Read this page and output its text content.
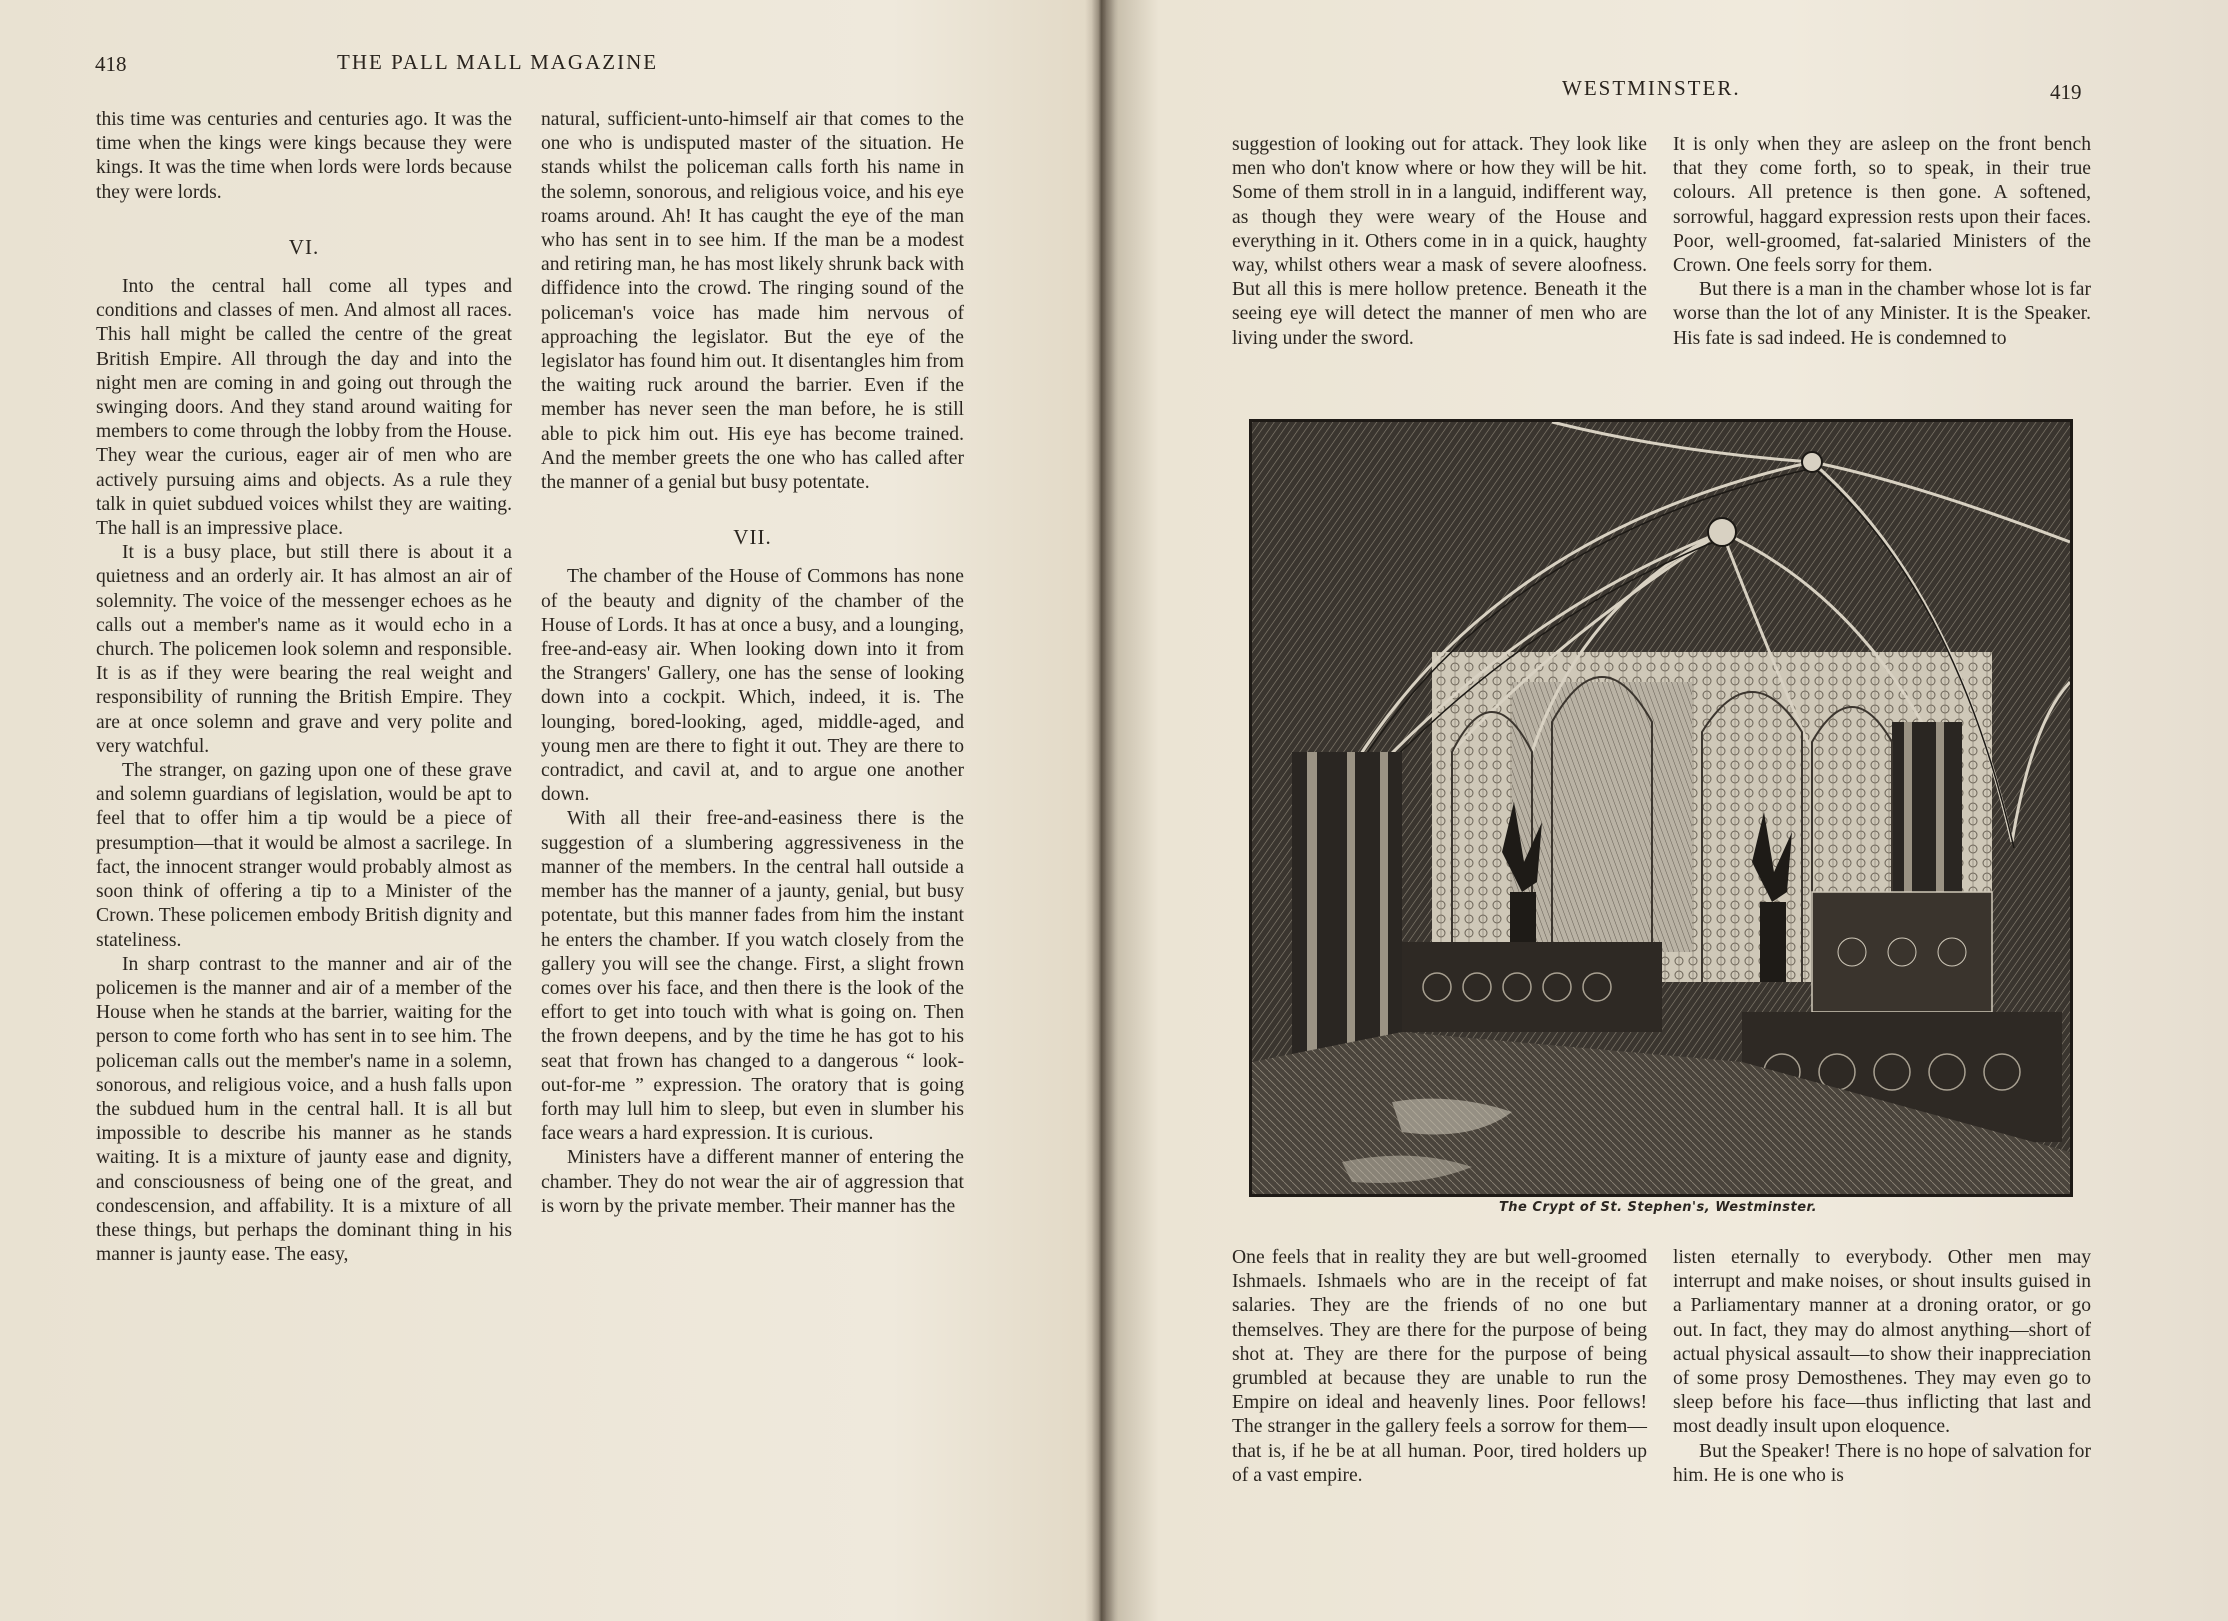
418	THE PALL MALL MAGAZINE

this time was centuries and centuries ago. It was the time when the kings were kings because they were kings. It was the time when lords were lords because they were lords.

VI.

Into the central hall come all types and conditions and classes of men. And almost all races. This hall might be called the centre of the great British Empire. All through the day and into the night men are coming in and going out through the swinging doors. And they stand around waiting for members to come through the lobby from the House. They wear the curious, eager air of men who are actively pursuing aims and objects. As a rule they talk in quiet subdued voices whilst they are waiting. The hall is an impressive place.

It is a busy place, but still there is about it a quietness and an orderly air. It has almost an air of solemnity. The voice of the messenger echoes as he calls out a member's name as it would echo in a church. The policemen look solemn and responsible. It is as if they were bearing the real weight and responsibility of running the British Empire. They are at once solemn and grave and very polite and very watchful.

The stranger, on gazing upon one of these grave and solemn guardians of legislation, would be apt to feel that to offer him a tip would be a piece of presumption—that it would be almost a sacrilege. In fact, the innocent stranger would probably almost as soon think of offering a tip to a Minister of the Crown. These policemen embody British dignity and stateliness.

In sharp contrast to the manner and air of the policemen is the manner and air of a member of the House when he stands at the barrier, waiting for the person to come forth who has sent in to see him. The policeman calls out the member's name in a solemn, sonorous, and religious voice, and a hush falls upon the subdued hum in the central hall. It is all but impossible to describe his manner as he stands waiting. It is a mixture of jaunty ease and dignity, and consciousness of being one of the great, and condescension, and affability. It is a mixture of all these things, but perhaps the dominant thing in his manner is jaunty ease. The easy,

natural, sufficient-unto-himself air that comes to the one who is undisputed master of the situation. He stands whilst the policeman calls forth his name in the solemn, sonorous, and religious voice, and his eye roams around. Ah! It has caught the eye of the man who has sent in to see him. If the man be a modest and retiring man, he has most likely shrunk back with diffidence into the crowd. The ringing sound of the policeman's voice has made him nervous of approaching the legislator. But the eye of the legislator has found him out. It disentangles him from the waiting ruck around the barrier. Even if the member has never seen the man before, he is still able to pick him out. His eye has become trained. And the member greets the one who has called after the manner of a genial but busy potentate.

VII.

The chamber of the House of Commons has none of the beauty and dignity of the chamber of the House of Lords. It has at once a busy, and a lounging, free-and-easy air. When looking down into it from the Strangers' Gallery, one has the sense of looking down into a cockpit. Which, indeed, it is. The lounging, bored-looking, aged, middle-aged, and young men are there to fight it out. They are there to contradict, and cavil at, and to argue one another down.

With all their free-and-easiness there is the suggestion of a slumbering aggressiveness in the manner of the members. In the central hall outside a member has the manner of a jaunty, genial, but busy potentate, but this manner fades from him the instant he enters the chamber. If you watch closely from the gallery you will see the change. First, a slight frown comes over his face, and then there is the look of the effort to get into touch with what is going on. Then the frown deepens, and by the time he has got to his seat that frown has changed to a dangerous “ look-out-for-me ” expression. The oratory that is going forth may lull him to sleep, but even in slumber his face wears a hard expression. It is curious.

Ministers have a different manner of entering the chamber. They do not wear the air of aggression that is worn by the private member. Their manner has the

WESTMINSTER.	419

suggestion of looking out for attack. They look like men who don't know where or how they will be hit. Some of them stroll in in a languid, indifferent way, as though they were weary of the House and everything in it. Others come in in a quick, haughty way, whilst others wear a mask of severe aloofness. But all this is mere hollow pretence. Beneath it the seeing eye will detect the manner of men who are living under the sword.

It is only when they are asleep on the front bench that they come forth, so to speak, in their true colours. All pretence is then gone. A softened, sorrowful, haggard expression rests upon their faces. Poor, well-groomed, fat-salaried Ministers of the Crown. One feels sorry for them.

But there is a man in the chamber whose lot is far worse than the lot of any Minister. It is the Speaker. His fate is sad indeed. He is condemned to

The Crypt of St. Stephen's, Westminster.

One feels that in reality they are but well-groomed Ishmaels. Ishmaels who are in the receipt of fat salaries. They are the friends of no one but themselves. They are there for the purpose of being shot at. They are there for the purpose of being grumbled at because they are unable to run the Empire on ideal and heavenly lines. Poor fellows! The stranger in the gallery feels a sorrow for them—that is, if he be at all human. Poor, tired holders up of a vast empire.

listen eternally to everybody. Other men may interrupt and make noises, or shout insults guised in a Parliamentary manner at a droning orator, or go out. In fact, they may do almost anything—short of actual physical assault—to show their inappreciation of some prosy Demosthenes. They may even go to sleep before his face—thus inflicting that last and most deadly insult upon eloquence.

But the Speaker! There is no hope of salvation for him. He is one who is
